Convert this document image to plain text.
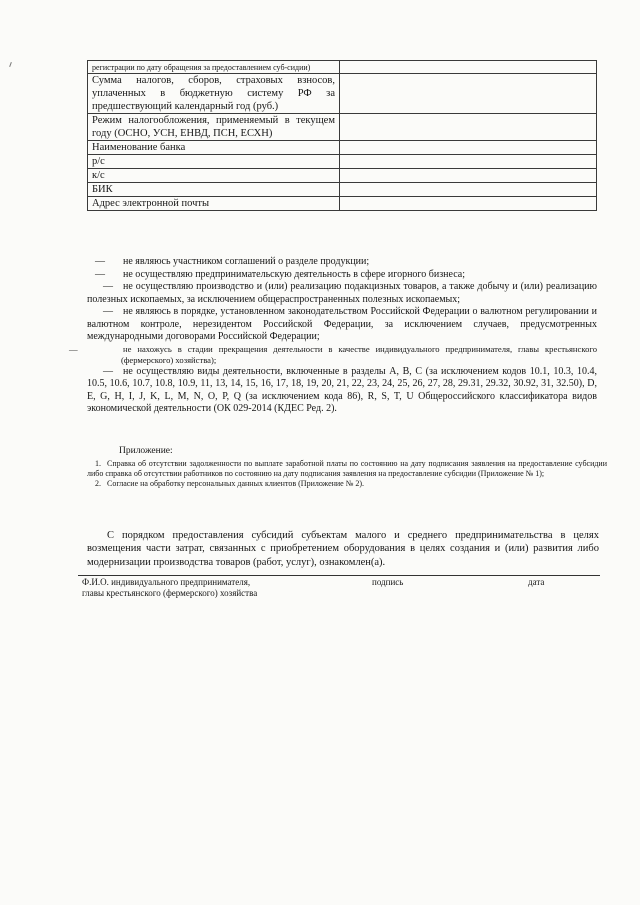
регистрации по дату обращения за предоставлением суб-сидии)	
Сумма налогов, сборов, страховых взносов, уплаченных в бюджетную систему РФ за предшествующий календарный год (руб.)	
Режим налогообложения, применяемый в текущем году (ОСНО, УСН, ЕНВД, ПСН, ЕСХН)	
Наименование банка	
р/с	
к/с	
БИК	
Адрес электронной почты	

— не являюсь участником соглашений о разделе продукции;

— не осуществляю предпринимательскую деятельность в сфере игорного бизнеса;

— не осуществляю производство и (или) реализацию подакцизных товаров, а также добычу и (или) реализацию полезных ископаемых, за исключением общераспространенных полезных ископаемых;

— не являюсь в порядке, установленном законодательством Российской Федерации о валютном регулировании и валютном контроле, нерезидентом Российской Федерации, за исключением случаев, предусмотренных международными договорами Российской Федерации;

—	не нахожусь в стадии прекращения деятельности в качестве индивидуального предпринимателя, главы крестьянского (фермерского) хозяйства);

— не осуществляю виды деятельности, включенные в разделы А, В, С (за исключением кодов 10.1, 10.3, 10.4, 10.5, 10.6, 10.7, 10.8, 10.9, 11, 13, 14, 15, 16, 17, 18, 19, 20, 21, 22, 23, 24, 25, 26, 27, 28, 29.31, 29.32, 30.92, 31, 32.50), D, E, G, H, I, J, K, L, M, N, O, P, Q (за исключением кода 86), R, S, T, U Общероссийского классификатора видов экономической деятельности (ОК 029-2014 (КДЕС Ред. 2).

Приложение:

1. Справка об отсутствии задолженности по выплате заработной платы по состоянию на дату подписания заявления на предоставление субсидии либо справка об отсутствии работников по состоянию на дату подписания заявления на предоставление субсидии (Приложение № 1);

2. Согласие на обработку персональных данных клиентов (Приложение № 2).

С порядком предоставления субсидий субъектам малого и среднего предпринимательства в целях возмещения части затрат, связанных с приобретением оборудования в целях создания и (или) развития либо модернизации производства товаров (работ, услуг), ознакомлен(а).

Ф.И.О. индивидуального предпринимателя,
главы крестьянского (фермерского) хозяйства
подпись	дата
